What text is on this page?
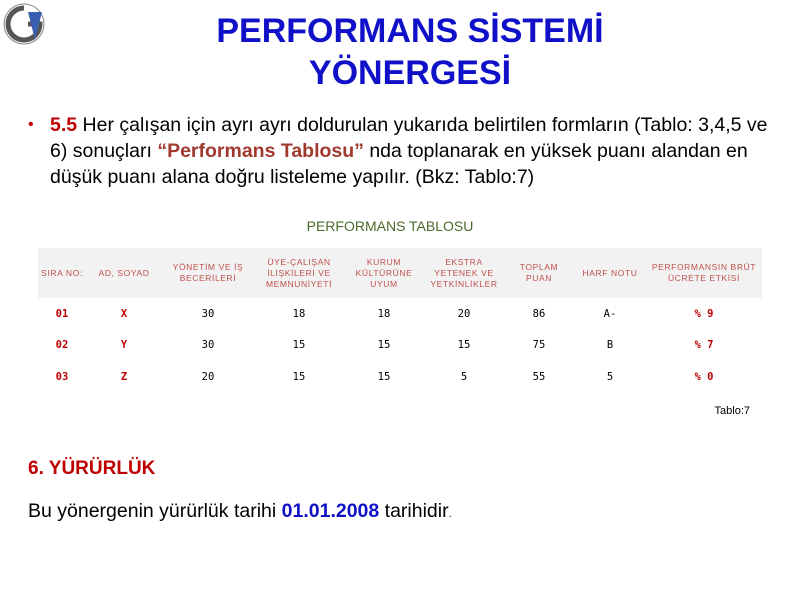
PERFORMANS SİSTEMİ
YÖNERGESİ
• 5.5 Her çalışan için ayrı ayrı doldurulan yukarıda belirtilen formların (Tablo: 3,4,5 ve 6) sonuçları “Performans Tablosu” nda toplanarak en yüksek puanı alandan en düşük puanı alana doğru listeleme yapılır. (Bkz: Tablo:7)
PERFORMANS TABLOSU
SIRA NO:	AD, SOYAD	YÖNETİM VE İŞ BECERİLERİ	ÜYE-ÇALIŞAN İLİŞKİLERİ VE MEMNUNİYETİ	KURUM KÜLTÜRÜNE UYUM	EKSTRA YETENEK VE YETKİNLİKLER	TOPLAM PUAN	HARF NOTU	PERFORMANSIN BRÜT ÜCRETE ETKİSİ
01	X	30	18	18	20	86	A-	% 9
02	Y	30	15	15	15	75	B	% 7
03	Z	20	15	15	5	55	5	% 0
Tablo:7
6. YÜRÜRLÜK
Bu yönergenin yürürlük tarihi 01.01.2008 tarihidir.
